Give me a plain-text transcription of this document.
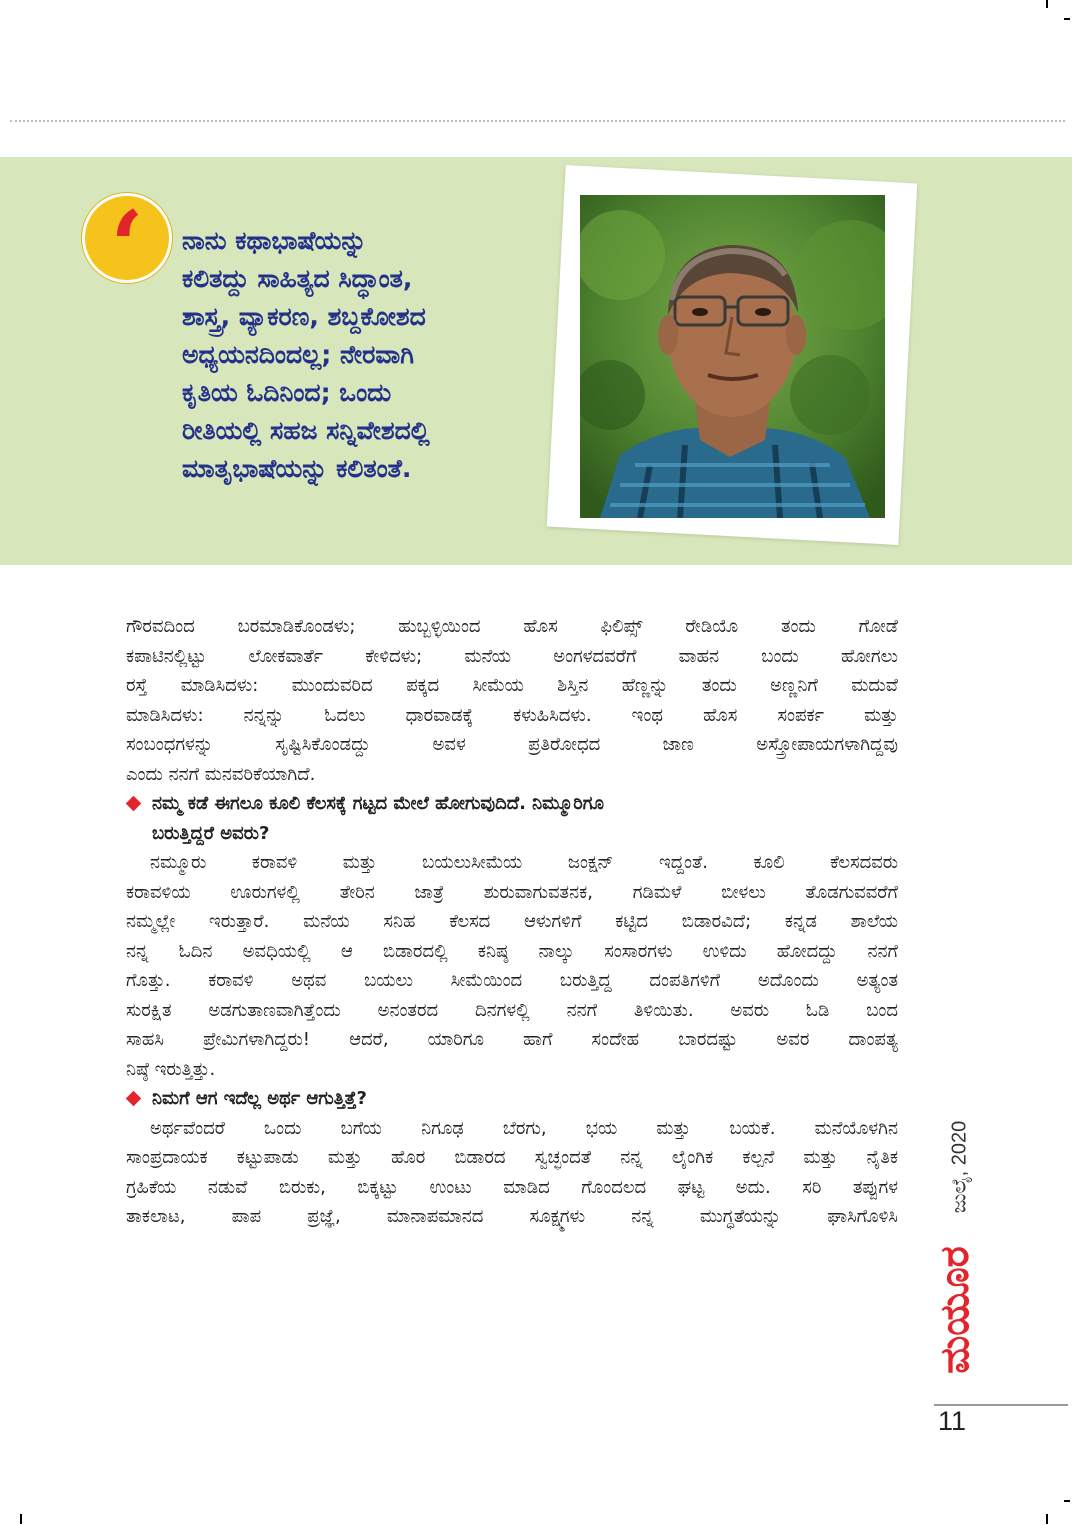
‘	ನಾನು ಕಥಾಭಾಷೆಯನ್ನು
ಕಲಿತದ್ದು ಸಾಹಿತ್ಯದ ಸಿದ್ಧಾಂತ,
ಶಾಸ್ತ್ರ, ವ್ಯಾಕರಣ, ಶಬ್ದಕೋಶದ
ಅಧ್ಯಯನದಿಂದಲ್ಲ; ನೇರವಾಗಿ
ಕೃತಿಯ ಓದಿನಿಂದ; ಒಂದು
ರೀತಿಯಲ್ಲಿ ಸಹಜ ಸನ್ನಿವೇಶದಲ್ಲಿ
ಮಾತೃಭಾಷೆಯನ್ನು ಕಲಿತಂತೆ.

ಗೌರವದಿಂದ ಬರಮಾಡಿಕೊಂಡಳು; ಹುಬ್ಬಳ್ಳಿಯಿಂದ ಹೊಸ ಫಿಲಿಪ್ಸ್ ರೇಡಿಯೊ ತಂದು ಗೋಡೆ
ಕಪಾಟಿನಲ್ಲಿಟ್ಟು ಲೋಕವಾರ್ತೆ ಕೇಳಿದಳು; ಮನೆಯ ಅಂಗಳದವರೆಗೆ ವಾಹನ ಬಂದು ಹೋಗಲು
ರಸ್ತೆ ಮಾಡಿಸಿದಳು: ಮುಂದುವರಿದ ಪಕ್ಕದ ಸೀಮೆಯ ಶಿಸ್ತಿನ ಹೆಣ್ಣನ್ನು ತಂದು ಅಣ್ಣನಿಗೆ ಮದುವೆ
ಮಾಡಿಸಿದಳು: ನನ್ನನ್ನು ಓದಲು ಧಾರವಾಡಕ್ಕೆ ಕಳುಹಿಸಿದಳು. ಇಂಥ ಹೊಸ ಸಂಪರ್ಕ ಮತ್ತು
ಸಂಬಂಧಗಳನ್ನು ಸೃಷ್ಟಿಸಿಕೊಂಡದ್ದು ಅವಳ ಪ್ರತಿರೋಧದ ಜಾಣ ಅಸ್ತ್ರೋಪಾಯಗಳಾಗಿದ್ದವು
ಎಂದು ನನಗೆ ಮನವರಿಕೆಯಾಗಿದೆ.

ನಮ್ಮ ಕಡೆ ಈಗಲೂ ಕೂಲಿ ಕೆಲಸಕ್ಕೆ ಗಟ್ಟದ ಮೇಲೆ ಹೋಗುವುದಿದೆ. ನಿಮ್ಮೂರಿಗೂ
ಬರುತ್ತಿದ್ದರೆ ಅವರು?

ನಮ್ಮೂರು ಕರಾವಳಿ ಮತ್ತು ಬಯಲುಸೀಮೆಯ ಜಂಕ್ಷನ್ ಇದ್ದಂತೆ. ಕೂಲಿ ಕೆಲಸದವರು
ಕರಾವಳಿಯ ಊರುಗಳಲ್ಲಿ ತೇರಿನ ಜಾತ್ರೆ ಶುರುವಾಗುವತನಕ, ಗಡಿಮಳೆ ಬೀಳಲು ತೊಡಗುವವರೆಗೆ
ನಮ್ಮಲ್ಲೇ ಇರುತ್ತಾರೆ. ಮನೆಯ ಸನಿಹ ಕೆಲಸದ ಆಳುಗಳಿಗೆ ಕಟ್ಟಿದ ಬಿಡಾರವಿದೆ; ಕನ್ನಡ ಶಾಲೆಯ
ನನ್ನ ಓದಿನ ಅವಧಿಯಲ್ಲಿ ಆ ಬಿಡಾರದಲ್ಲಿ ಕನಿಷ್ಠ ನಾಲ್ಕು ಸಂಸಾರಗಳು ಉಳಿದು ಹೋದದ್ದು ನನಗೆ
ಗೊತ್ತು. ಕರಾವಳಿ ಅಥವ ಬಯಲು ಸೀಮೆಯಿಂದ ಬರುತ್ತಿದ್ದ ದಂಪತಿಗಳಿಗೆ ಅದೊಂದು ಅತ್ಯಂತ
ಸುರಕ್ಷಿತ ಅಡಗುತಾಣವಾಗಿತ್ತೆಂದು ಅನಂತರದ ದಿನಗಳಲ್ಲಿ ನನಗೆ ತಿಳಿಯಿತು. ಅವರು ಓಡಿ ಬಂದ
ಸಾಹಸಿ ಪ್ರೇಮಿಗಳಾಗಿದ್ದರು! ಆದರೆ, ಯಾರಿಗೂ ಹಾಗೆ ಸಂದೇಹ ಬಾರದಷ್ಟು ಅವರ ದಾಂಪತ್ಯ
ನಿಷ್ಠೆ ಇರುತ್ತಿತ್ತು.

ನಿಮಗೆ ಆಗ ಇದೆಲ್ಲ ಅರ್ಥ ಆಗುತ್ತಿತ್ತೆ?

ಅರ್ಥವೆಂದರೆ ಒಂದು ಬಗೆಯ ನಿಗೂಢ ಬೆರಗು, ಭಯ ಮತ್ತು ಬಯಕೆ. ಮನೆಯೊಳಗಿನ
ಸಾಂಪ್ರದಾಯಕ ಕಟ್ಟುಪಾಡು ಮತ್ತು ಹೊರ ಬಿಡಾರದ ಸ್ವಚ್ಛಂದತೆ ನನ್ನ ಲೈಂಗಿಕ ಕಲ್ಪನೆ ಮತ್ತು ನೈತಿಕ
ಗ್ರಹಿಕೆಯ ನಡುವೆ ಬಿರುಕು, ಬಿಕ್ಕಟ್ಟು ಉಂಟು ಮಾಡಿದ ಗೊಂದಲದ ಘಟ್ಟ ಅದು. ಸರಿ ತಪ್ಪುಗಳ
ತಾಕಲಾಟ, ಪಾಪ ಪ್ರಜ್ಞೆ, ಮಾನಾಪಮಾನದ ಸೂಕ್ಷ್ಮಗಳು ನನ್ನ ಮುಗ್ಧತೆಯನ್ನು ಘಾಸಿಗೊಳಿಸಿ

ಜುಲೈ, 2020
ಮಯೂರ
11
